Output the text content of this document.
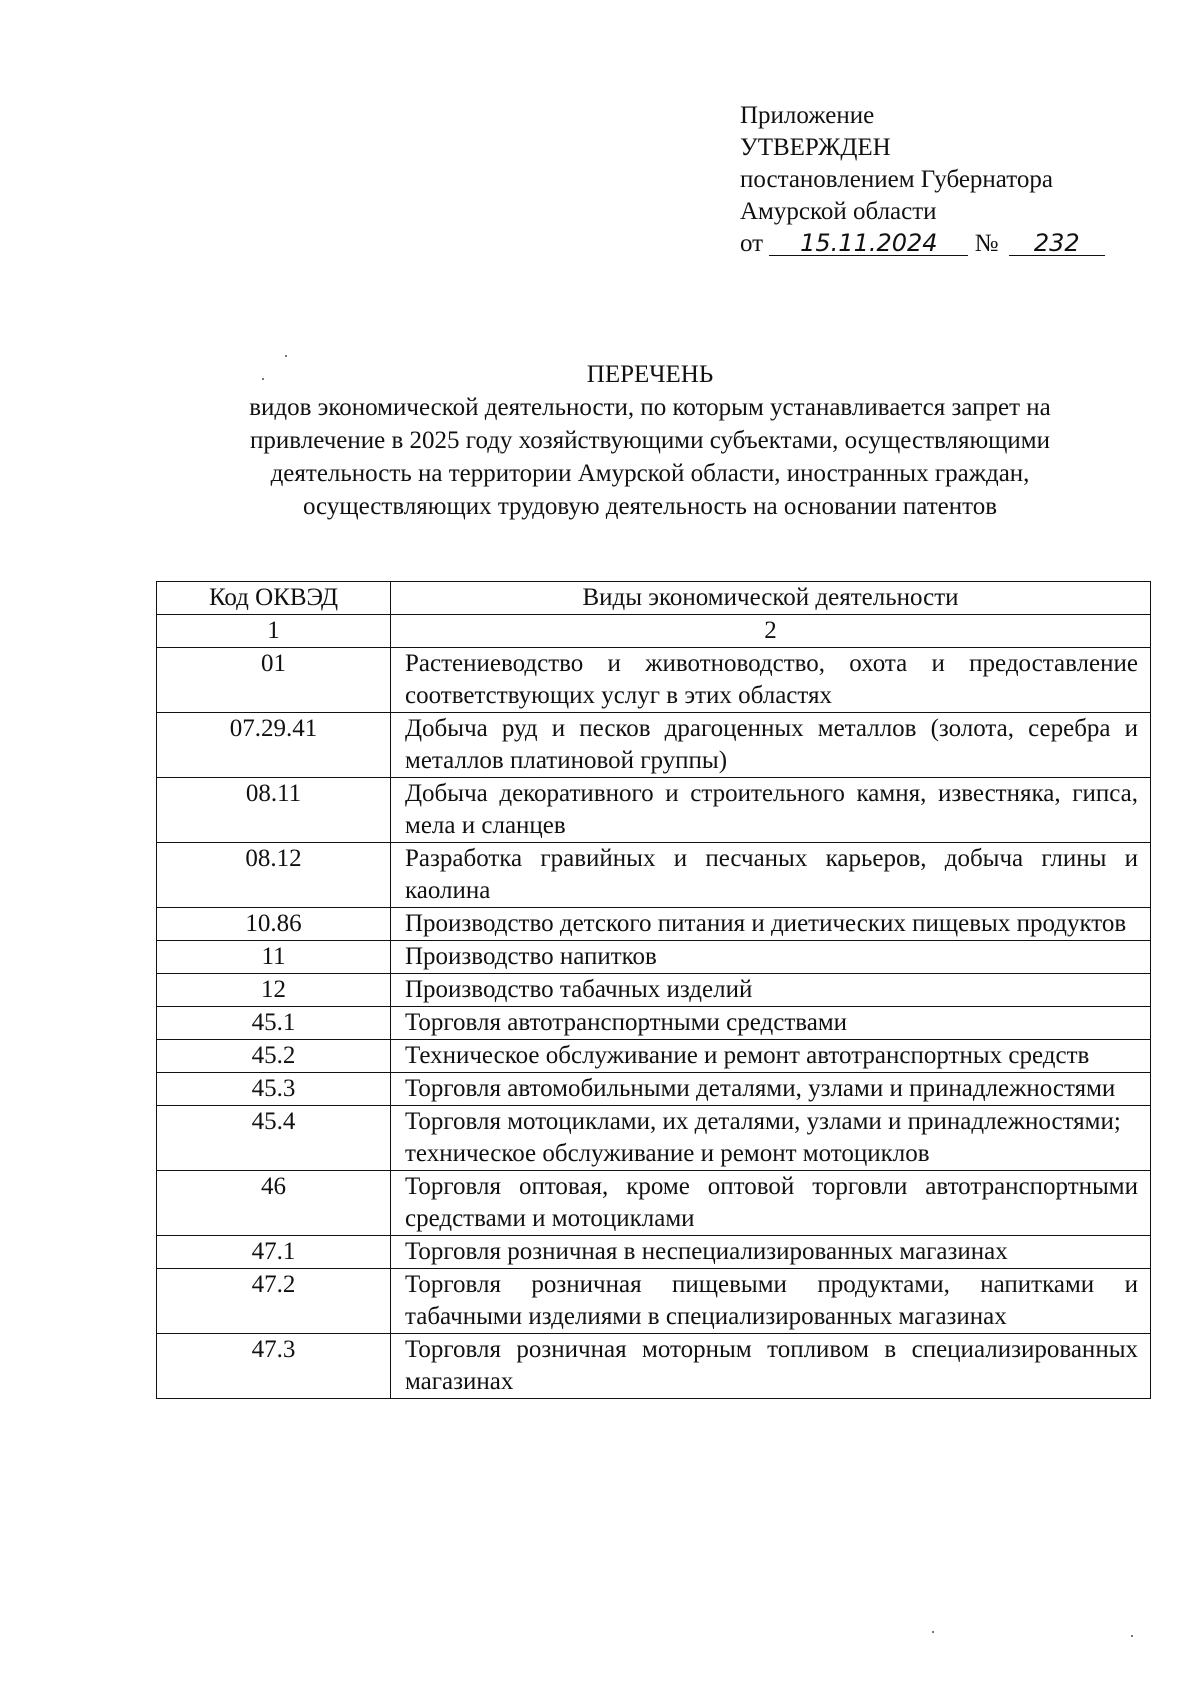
Приложение
УТВЕРЖДЕН
постановлением Губернатора
Амурской области
от 15.11.2024 № 232
ПЕРЕЧЕНЬ
видов экономической деятельности, по которым устанавливается запрет на
привлечение в 2025 году хозяйствующими субъектами, осуществляющими
деятельность на территории Амурской области, иностранных граждан,
осуществляющих трудовую деятельность на основании патентов
Код ОКВЭД	Виды экономической деятельности
1	2
01	Растениеводство и животноводство, охота и предоставление соответствующих услуг в этих областях
07.29.41	Добыча руд и песков драгоценных металлов (золота, серебра и металлов платиновой группы)
08.11	Добыча декоративного и строительного камня, известняка, гипса, мела и сланцев
08.12	Разработка гравийных и песчаных карьеров, добыча глины и каолина
10.86	Производство детского питания и диетических пищевых продуктов
11	Производство напитков
12	Производство табачных изделий
45.1	Торговля автотранспортными средствами
45.2	Техническое обслуживание и ремонт автотранспортных средств
45.3	Торговля автомобильными деталями, узлами и принадлежностями
45.4	Торговля мотоциклами, их деталями, узлами и принадлежностями;
техническое обслуживание и ремонт мотоциклов

46	Торговля оптовая, кроме оптовой торговли автотранспортными средствами и мотоциклами
47.1	Торговля розничная в неспециализированных магазинах
47.2	Торговля розничная пищевыми продуктами, напитками и табачными изделиями в специализированных магазинах
47.3	Торговля розничная моторным топливом в специализированных магазинах
